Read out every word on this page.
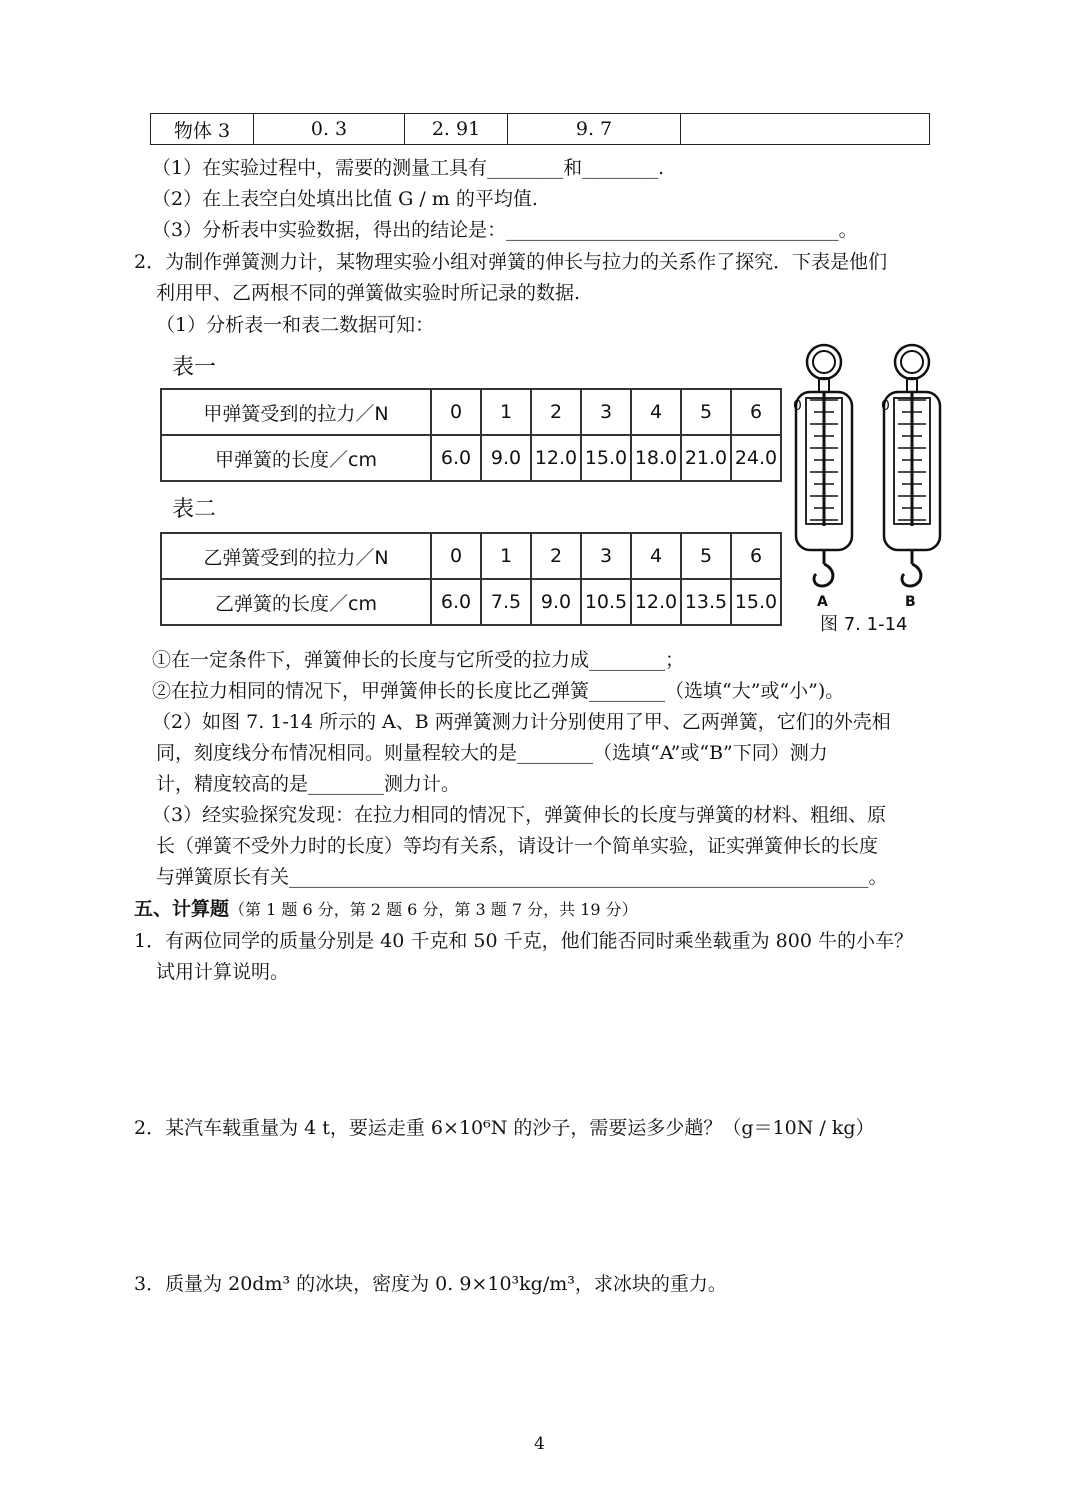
物体 3	0. 3	2. 91	9. 7	
（1）在实验过程中，需要的测量工具有________和________.
（2）在上表空白处填出比值 G / m 的平均值.
（3）分析表中实验数据，得出的结论是：___________________________________。
2．为制作弹簧测力计，某物理实验小组对弹簧的伸长与拉力的关系作了探究．下表是他们
利用甲、乙两根不同的弹簧做实验时所记录的数据.
（1）分析表一和表二数据可知：
表一
甲弹簧受到的拉力／N	0	1	2	3	4	5	6
甲弹簧的长度／cm	6.0	9.0	12.0	15.0	18.0	21.0	24.0
表二
乙弹簧受到的拉力／N	0	1	2	3	4	5	6
乙弹簧的长度／cm	6.0	7.5	9.0	10.5	12.0	13.5	15.0
0
A
0
B
图 7. 1-14
①在一定条件下，弹簧伸长的长度与它所受的拉力成________；
②在拉力相同的情况下，甲弹簧伸长的长度比乙弹簧________（选填“大”或“小”)。
（2）如图 7. 1-14 所示的 A、B 两弹簧测力计分别使用了甲、乙两弹簧，它们的外壳相
同，刻度线分布情况相同。则量程较大的是________（选填“A”或“B”下同）测力
计，精度较高的是________测力计。
（3）经实验探究发现：在拉力相同的情况下，弹簧伸长的长度与弹簧的材料、粗细、原
长（弹簧不受外力时的长度）等均有关系，请设计一个简单实验，证实弹簧伸长的长度
与弹簧原长有关_____________________________________________________________。
五、计算题（第 1 题 6 分，第 2 题 6 分，第 3 题 7 分，共 19 分）
1．有两位同学的质量分别是 40 千克和 50 千克，他们能否同时乘坐载重为 800 牛的小车？
试用计算说明。
2．某汽车载重量为 4 t，要运走重 6×10⁶N 的沙子，需要运多少趟？（g＝10N / kg）
3．质量为 20dm³ 的冰块，密度为 0. 9×10³kg/m³，求冰块的重力。
4
